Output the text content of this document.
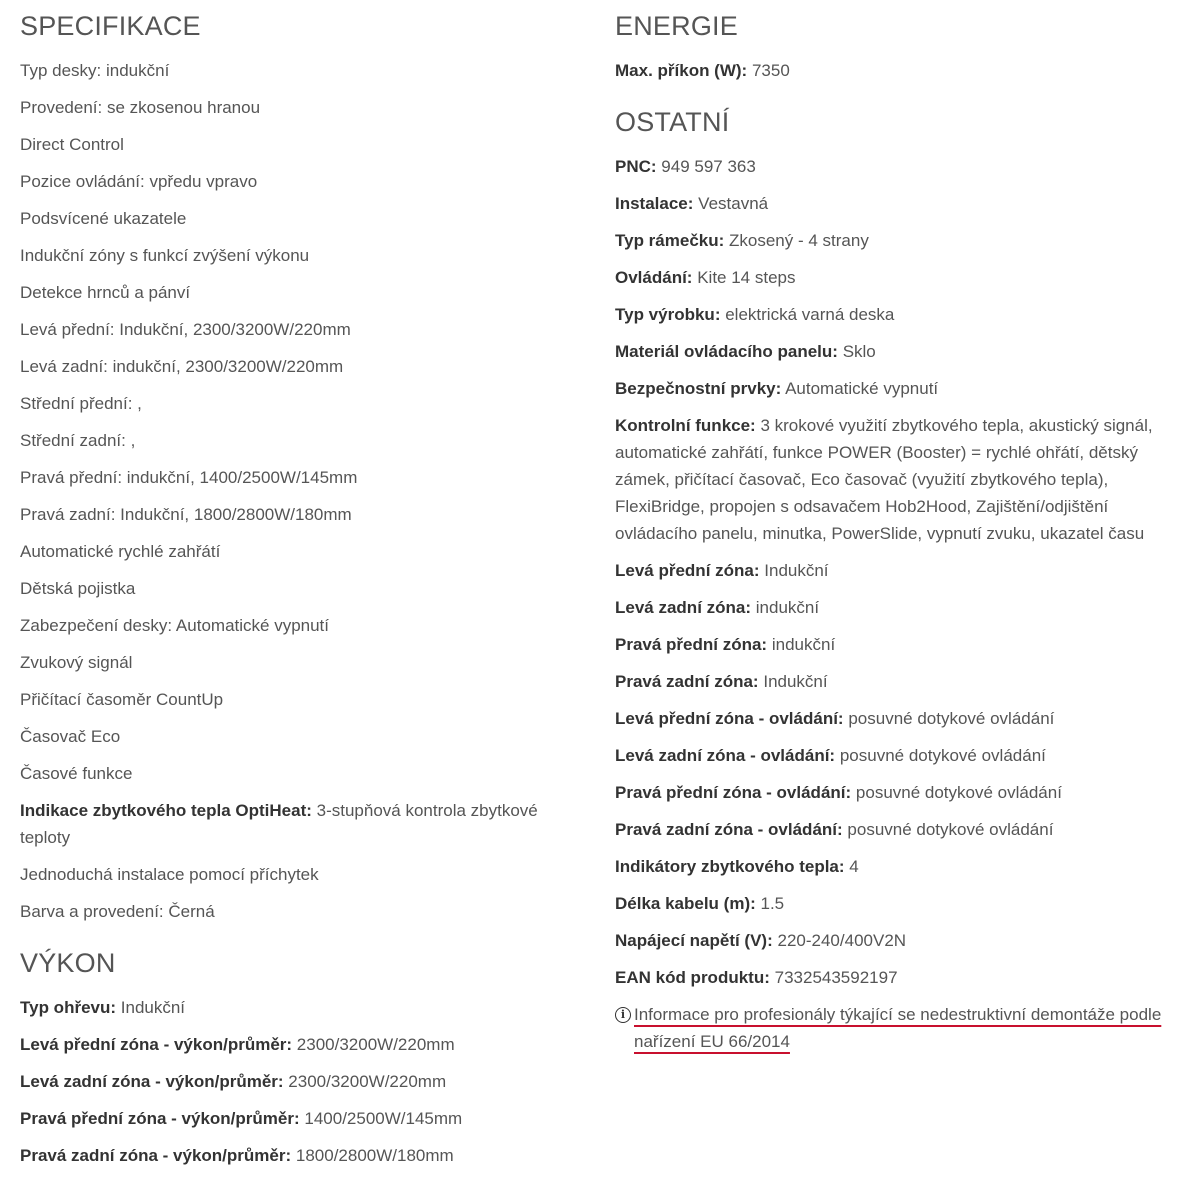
SPECIFIKACE
Typ desky: indukční
Provedení: se zkosenou hranou
Direct Control
Pozice ovládání: vpředu vpravo
Podsvícené ukazatele
Indukční zóny s funkcí zvýšení výkonu
Detekce hrnců a pánví
Levá přední: Indukční, 2300/3200W/220mm
Levá zadní: indukční, 2300/3200W/220mm
Střední přední: ,
Střední zadní: ,
Pravá přední: indukční, 1400/2500W/145mm
Pravá zadní: Indukční, 1800/2800W/180mm
Automatické rychlé zahřátí
Dětská pojistka
Zabezpečení desky: Automatické vypnutí
Zvukový signál
Přičítací časoměr CountUp
Časovač Eco
Časové funkce
Indikace zbytkového tepla OptiHeat: 3-stupňová kontrola zbytkové teploty
Jednoduchá instalace pomocí příchytek
Barva a provedení: Černá
VÝKON
Typ ohřevu: Indukční
Levá přední zóna - výkon/průměr: 2300/3200W/220mm
Levá zadní zóna - výkon/průměr: 2300/3200W/220mm
Pravá přední zóna - výkon/průměr: 1400/2500W/145mm
Pravá zadní zóna - výkon/průměr: 1800/2800W/180mm
ENERGIE
Max. příkon (W): 7350
OSTATNÍ
PNC: 949 597 363
Instalace: Vestavná
Typ rámečku: Zkosený - 4 strany
Ovládání: Kite 14 steps
Typ výrobku: elektrická varná deska
Materiál ovládacího panelu: Sklo
Bezpečnostní prvky: Automatické vypnutí
Kontrolní funkce: 3 krokové využití zbytkového tepla, akustický signál, automatické zahřátí, funkce POWER (Booster) = rychlé ohřátí, dětský zámek, přičítací časovač, Eco časovač (využití zbytkového tepla), FlexiBridge, propojen s odsavačem Hob2Hood, Zajištění/odjištění ovládacího panelu, minutka, PowerSlide, vypnutí zvuku, ukazatel času
Levá přední zóna: Indukční
Levá zadní zóna: indukční
Pravá přední zóna: indukční
Pravá zadní zóna: Indukční
Levá přední zóna - ovládání: posuvné dotykové ovládání
Levá zadní zóna - ovládání: posuvné dotykové ovládání
Pravá přední zóna - ovládání: posuvné dotykové ovládání
Pravá zadní zóna - ovládání: posuvné dotykové ovládání
Indikátory zbytkového tepla: 4
Délka kabelu (m): 1.5
Napájecí napětí (V): 220-240/400V2N
EAN kód produktu: 7332543592197
i Informace pro profesionály týkající se nedestruktivní demontáže podle nařízení EU 66/2014
